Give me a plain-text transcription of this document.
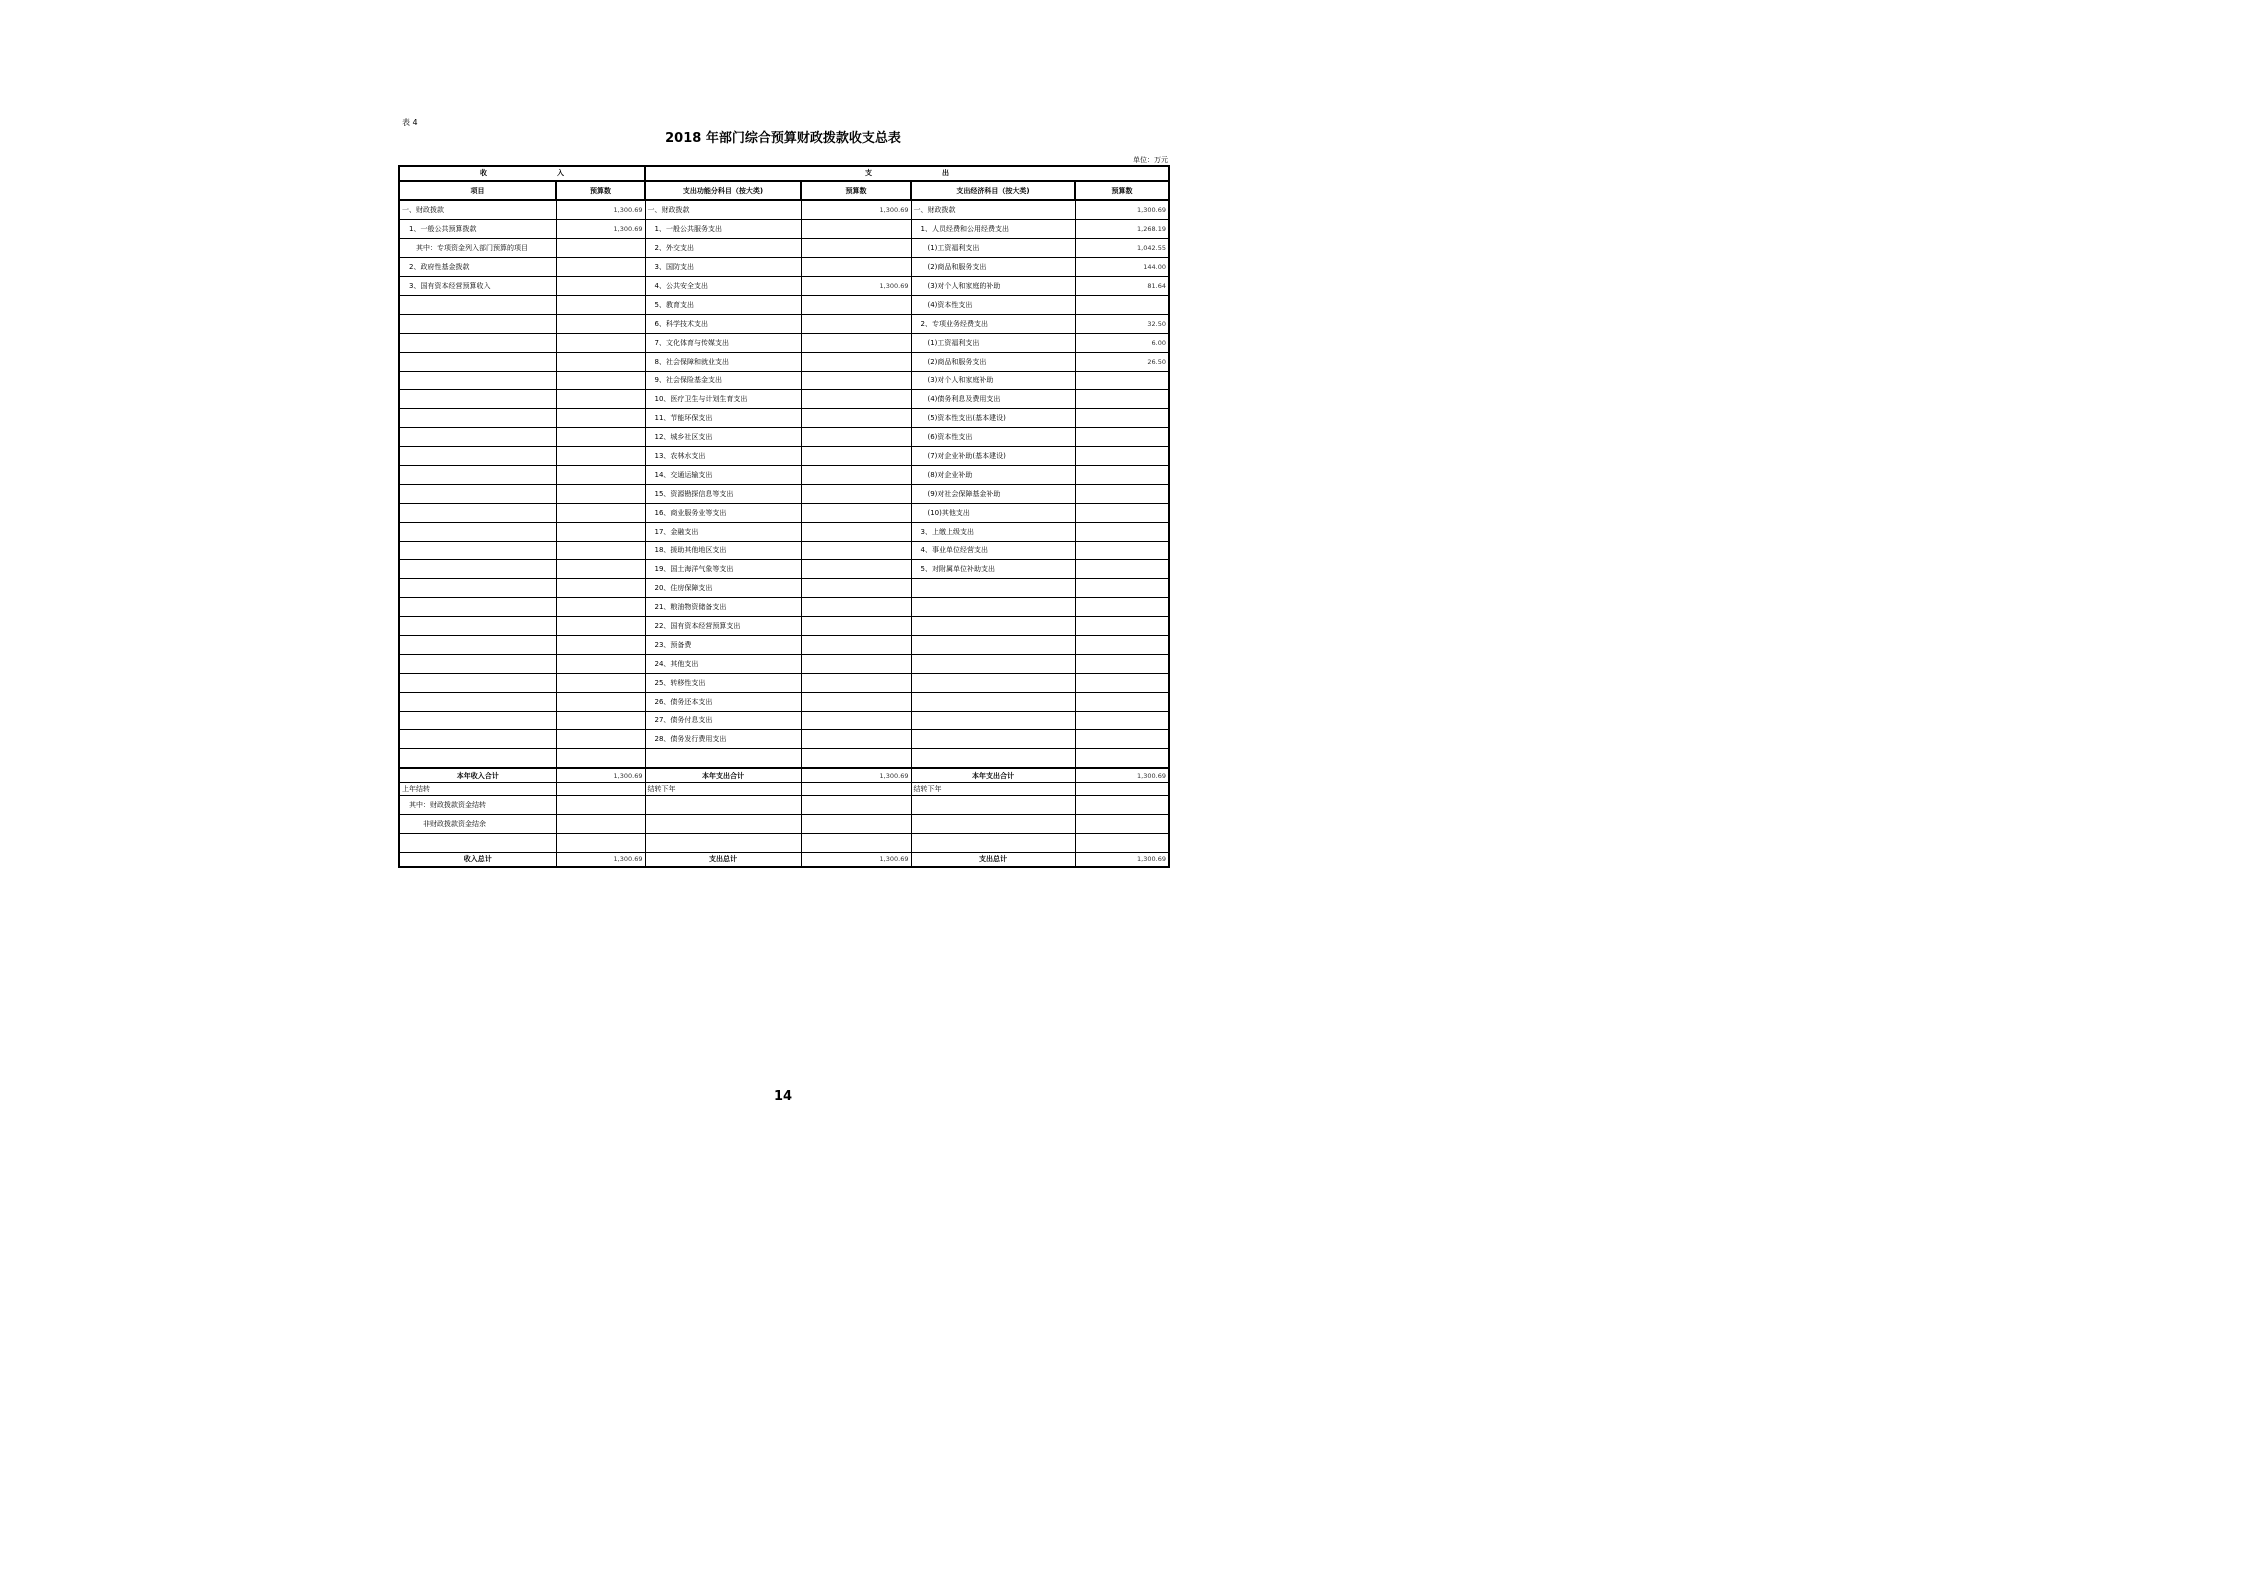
表 4
2018 年部门综合预算财政拨款收支总表
单位：万元
收　　　　　　　　　　入		支　　　　　　　　　　出			
项目	预算数	支出功能分科目（按大类)	预算数	支出经济科目（按大类)	预算数
一、财政拨款	1,300.69	一、财政拨款	1,300.69	一、财政拨款	1,300.69
　1、一般公共预算拨款	1,300.69	　1、一般公共服务支出		　1、人员经费和公用经费支出	1,268.19
　　其中：专项资金列入部门预算的项目		　2、外交支出		　　(1)工资福利支出	1,042.55
　2、政府性基金拨款		　3、国防支出		　　(2)商品和服务支出	144.00
　3、国有资本经营预算收入		　4、公共安全支出	1,300.69	　　(3)对个人和家庭的补助	81.64
		　5、教育支出		　　(4)资本性支出	
		　6、科学技术支出		　2、专项业务经费支出	32.50
		　7、文化体育与传媒支出		　　(1)工资福利支出	6.00
		　8、社会保障和就业支出		　　(2)商品和服务支出	26.50
		　9、社会保险基金支出		　　(3)对个人和家庭补助	
		　10、医疗卫生与计划生育支出		　　(4)债务利息及费用支出	
		　11、节能环保支出		　　(5)资本性支出(基本建设)	
		　12、城乡社区支出		　　(6)资本性支出	
		　13、农林水支出		　　(7)对企业补助(基本建设)	
		　14、交通运输支出		　　(8)对企业补助	
		　15、资源勘探信息等支出		　　(9)对社会保障基金补助	
		　16、商业服务业等支出		　　(10)其他支出	
		　17、金融支出		　3、上缴上级支出	
		　18、援助其他地区支出		　4、事业单位经营支出	
		　19、国土海洋气象等支出		　5、对附属单位补助支出	
		　20、住房保障支出			
		　21、粮油物资储备支出			
		　22、国有资本经营预算支出			
		　23、预备费			
		　24、其他支出			
		　25、转移性支出			
		　26、债务还本支出			
		　27、债务付息支出			
		　28、债务发行费用支出			

本年收入合计	1,300.69	本年支出合计	1,300.69	本年支出合计	1,300.69
上年结转		结转下年		结转下年	
　其中：财政拨款资金结转					
　　　非财政拨款资金结余					

收入总计	1,300.69	支出总计	1,300.69	支出总计	1,300.69
14
